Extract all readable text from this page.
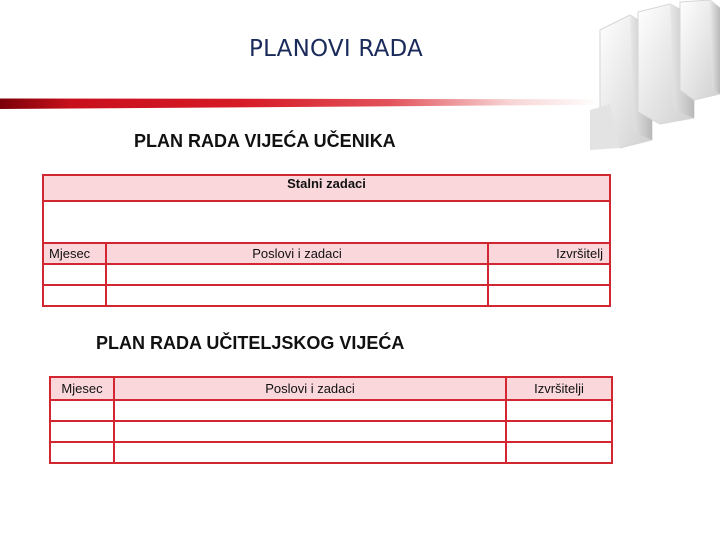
PLANOVI RADA
PLAN RADA VIJEĆA UČENIKA
Stalni zadaci		

Mjesec	Poslovi i zadaci	Izvršitelj

PLAN RADA UČITELJSKOG VIJEĆA
Mjesec	Poslovi i zadaci	Izvršitelji
